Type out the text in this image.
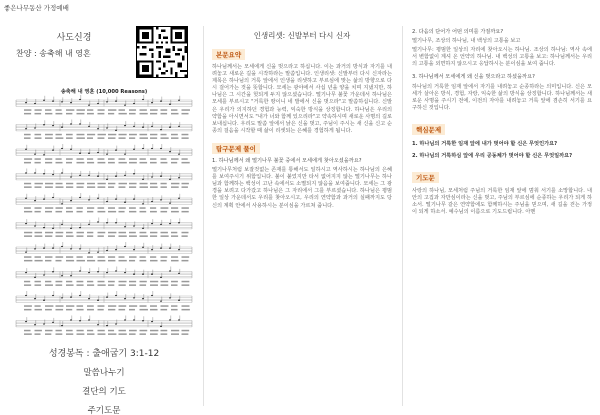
좋은나무동산 가정예배
사도신경
찬양 : 송축해 내 영혼
송축해 내 영혼 (10,000 Reasons)
성경봉독 : 출애굽기 3:1-12
말씀나누기
결단의 기도
주기도문
인생리셋: 신발부터 다시 신자
본문요약
하나님께서는 모세에게 신을 벗으라고 하십니다. 이는 과거의 방식과 자기를 내려놓고 새로운 길을 시작하라는 말씀입니다. 인생리셋: 신발부터 다시 신자라는 제목은 하나님의 거룩 앞에서 인생을 리셋하고 부르심에 맞는 삶의 방향으로 다시 걸어가는 것을 뜻합니다. 모세는 광야에서 사십 년을 양을 치며 지냈지만, 하나님은 그 시간을 헛되게 두지 않으셨습니다. 떨기나무 불꽃 가운데서 하나님은 모세를 부르시고 "거룩한 땅이니 네 발에서 신을 벗으라"고 말씀하십니다. 신발은 우리가 의지하던 경험과 능력, 익숙한 방식을 상징합니다. 하나님은 우리의 약함을 아시면서도 "내가 너와 함께 있으리라"고 약속하시며 새로운 사명의 길로 보내십니다. 우리도 말씀 앞에서 낡은 신을 벗고, 주님이 주시는 새 신을 신고 순종의 걸음을 시작할 때 삶이 리셋되는 은혜를 경험하게 됩니다.
탐구문제 풀이
1. 하나님께서 왜 떨기나무 불꽃 중에서 모세에게 찾아오셨을까요?
떨기나무처럼 보잘것없는 존재를 통해서도 일하시고 역사하시는 하나님의 은혜를 보여주시기 위함입니다. 불이 붙었지만 타서 없어지지 않는 떨기나무는 하나님과 함께하는 백성이 고난 속에서도 소멸되지 않음을 보여줍니다. 모세는 그 광경을 보려고 다가갔고 하나님은 그 자리에서 그를 부르셨습니다. 하나님은 평범한 일상 가운데서도 우리를 찾아오시고, 우리의 연약함과 과거의 실패까지도 당신의 계획 안에서 사용하시는 분이심을 가르쳐 줍니다.
2. 다음의 단어가 어떤 의미를 가질까요?
떨기나무, 조상의 하나님, 내 백성의 고통을 보고
떨기나무: 평범한 일상의 자리에 찾아오시는 하나님. 조상의 하나님: 역사 속에서 변함없이 계셔 온 언약의 하나님. 내 백성의 고통을 보고: 하나님께서는 우리의 고통을 외면하지 않으시고 응답하시는 분이심을 보여 줍니다.
3. 하나님께서 모세에게 왜 신을 벗으라고 하셨을까요?
하나님의 거룩한 임재 앞에서 자기를 내려놓고 순종하라는 의미입니다. 신은 모세가 살아온 방식, 경험, 자랑, 익숙한 삶의 방식을 상징합니다. 하나님께서는 새로운 사명을 주시기 전에, 이전의 자아를 내려놓고 거룩 앞에 겸손히 서기를 요구하신 것입니다.
핵심문제
1. 하나님의 거룩한 임재 앞에 내가 벗어야 할 신은 무엇인가요?
2. 하나님의 거룩하심 앞에 우리 공동체가 벗어야 할 신은 무엇일까요?
기도문
사랑의 하나님, 모세처럼 주님의 거룩한 임재 앞에 멈춰 서기를 소망합니다. 내 안의 고집과 자만심이라는 신을 벗고, 주님의 부르심에 순종하는 우리가 되게 하소서. 떨기나무 같은 연약함에도 함께하시는 주님을 믿으며, 새 길을 걷는 가정이 되게 하소서. 예수님의 이름으로 기도드립니다. 아멘
